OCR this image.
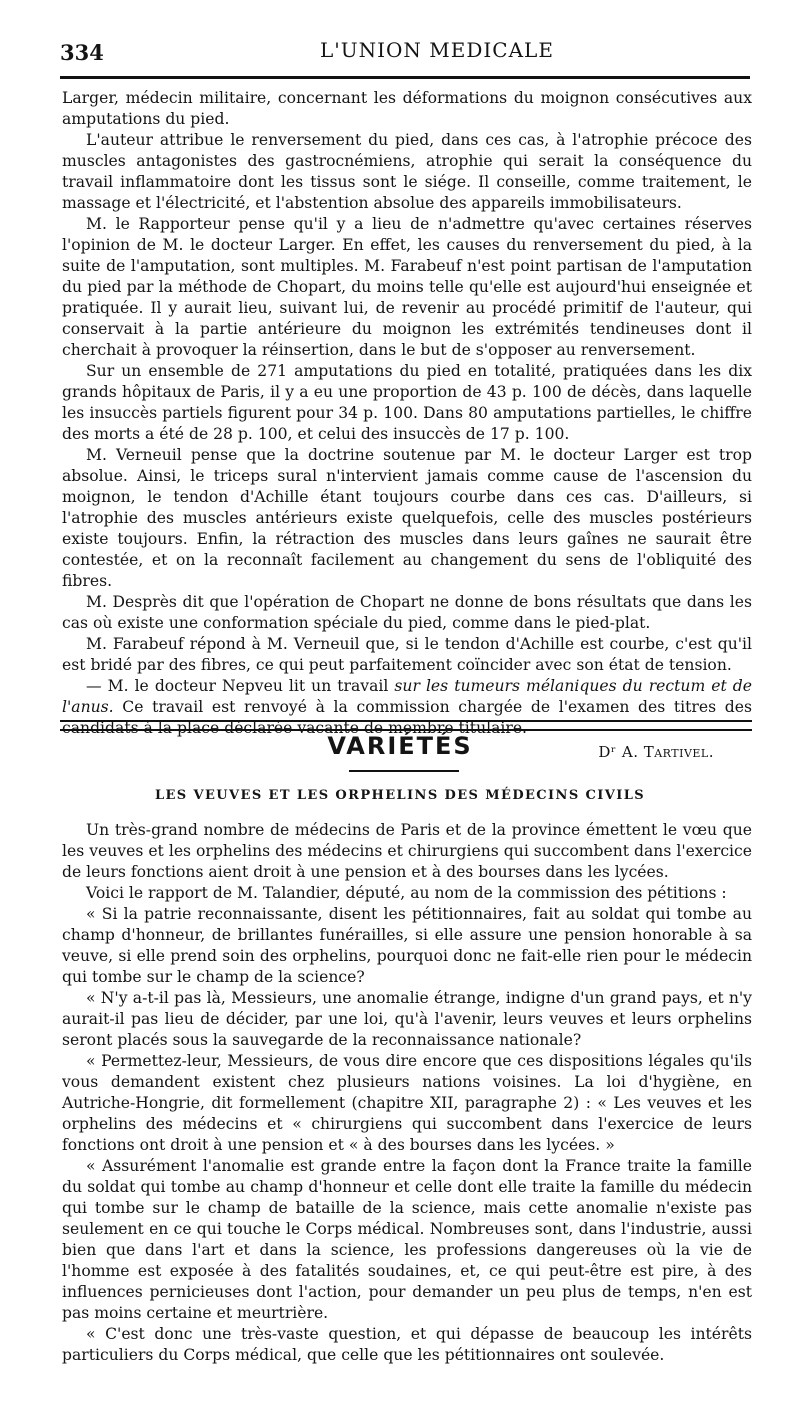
334	L'UNION MEDICALE

Larger, médecin militaire, concernant les déformations du moignon consécutives aux amputations du pied.

L'auteur attribue le renversement du pied, dans ces cas, à l'atrophie précoce des muscles antagonistes des gastrocnémiens, atrophie qui serait la conséquence du travail inflammatoire dont les tissus sont le siége. Il conseille, comme traitement, le massage et l'électricité, et l'abstention absolue des appareils immobilisateurs.

M. le Rapporteur pense qu'il y a lieu de n'admettre qu'avec certaines réserves l'opinion de M. le docteur Larger. En effet, les causes du renversement du pied, à la suite de l'amputation, sont multiples. M. Farabeuf n'est point partisan de l'amputation du pied par la méthode de Chopart, du moins telle qu'elle est aujourd'hui enseignée et pratiquée. Il y aurait lieu, suivant lui, de revenir au procédé primitif de l'auteur, qui conservait à la partie antérieure du moignon les extrémités tendineuses dont il cherchait à provoquer la réinsertion, dans le but de s'opposer au renversement.

Sur un ensemble de 271 amputations du pied en totalité, pratiquées dans les dix grands hôpitaux de Paris, il y a eu une proportion de 43 p. 100 de décès, dans laquelle les insuccès partiels figurent pour 34 p. 100. Dans 80 amputations partielles, le chiffre des morts a été de 28 p. 100, et celui des insuccès de 17 p. 100.

M. Verneuil pense que la doctrine soutenue par M. le docteur Larger est trop absolue. Ainsi, le triceps sural n'intervient jamais comme cause de l'ascension du moignon, le tendon d'Achille étant toujours courbe dans ces cas. D'ailleurs, si l'atrophie des muscles antérieurs existe quelquefois, celle des muscles postérieurs existe toujours. Enfin, la rétraction des muscles dans leurs gaînes ne saurait être contestée, et on la reconnaît facilement au changement du sens de l'obliquité des fibres.

M. Desprès dit que l'opération de Chopart ne donne de bons résultats que dans les cas où existe une conformation spéciale du pied, comme dans le pied-plat.

M. Farabeuf répond à M. Verneuil que, si le tendon d'Achille est courbe, c'est qu'il est bridé par des fibres, ce qui peut parfaitement coïncider avec son état de tension.

— M. le docteur Nepveu lit un travail sur les tumeurs mélaniques du rectum et de l'anus. Ce travail est renvoyé à la commission chargée de l'examen des titres des candidats à la place déclarée vacante de membre titulaire.

Dʳ A. Tartivel.

VARIÉTÉS
LES VEUVES ET LES ORPHELINS DES MÉDECINS CIVILS

Un très-grand nombre de médecins de Paris et de la province émettent le vœu que les veuves et les orphelins des médecins et chirurgiens qui succombent dans l'exercice de leurs fonctions aient droit à une pension et à des bourses dans les lycées.

Voici le rapport de M. Talandier, député, au nom de la commission des pétitions :

« Si la patrie reconnaissante, disent les pétitionnaires, fait au soldat qui tombe au champ d'honneur, de brillantes funérailles, si elle assure une pension honorable à sa veuve, si elle prend soin des orphelins, pourquoi donc ne fait-elle rien pour le médecin qui tombe sur le champ de la science?

« N'y a-t-il pas là, Messieurs, une anomalie étrange, indigne d'un grand pays, et n'y aurait-il pas lieu de décider, par une loi, qu'à l'avenir, leurs veuves et leurs orphelins seront placés sous la sauvegarde de la reconnaissance nationale?

« Permettez-leur, Messieurs, de vous dire encore que ces dispositions légales qu'ils vous demandent existent chez plusieurs nations voisines. La loi d'hygiène, en Autriche-Hongrie, dit formellement (chapitre XII, paragraphe 2) : « Les veuves et les orphelins des médecins et « chirurgiens qui succombent dans l'exercice de leurs fonctions ont droit à une pension et « à des bourses dans les lycées. »

« Assurément l'anomalie est grande entre la façon dont la France traite la famille du soldat qui tombe au champ d'honneur et celle dont elle traite la famille du médecin qui tombe sur le champ de bataille de la science, mais cette anomalie n'existe pas seulement en ce qui touche le Corps médical. Nombreuses sont, dans l'industrie, aussi bien que dans l'art et dans la science, les professions dangereuses où la vie de l'homme est exposée à des fatalités soudaines, et, ce qui peut-être est pire, à des influences pernicieuses dont l'action, pour demander un peu plus de temps, n'en est pas moins certaine et meurtrière.

« C'est donc une très-vaste question, et qui dépasse de beaucoup les intérêts particuliers du Corps médical, que celle que les pétitionnaires ont soulevée.
